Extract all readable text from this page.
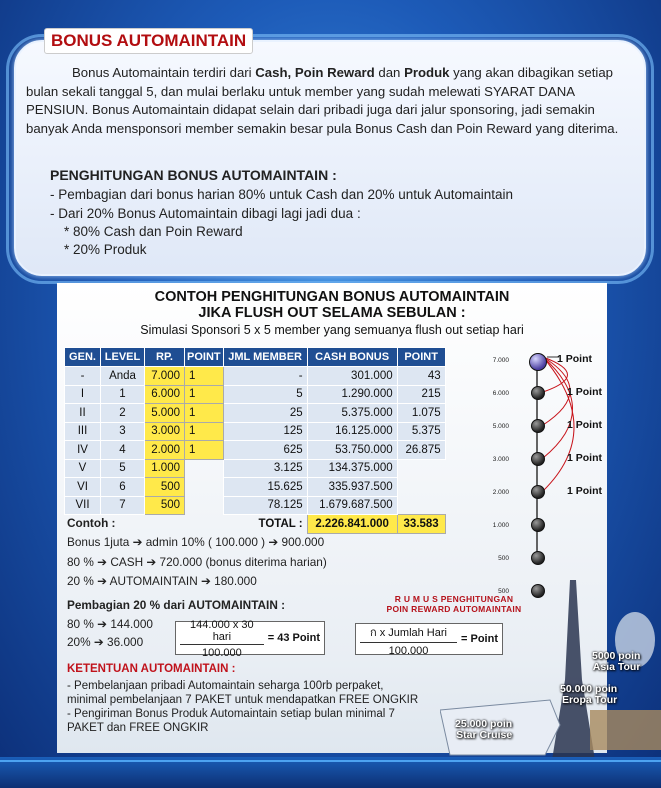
BONUS AUTOMAINTAIN
Bonus Automaintain terdiri dari Cash, Poin Reward dan Produk yang akan dibagikan setiap bulan sekali tanggal 5, dan mulai berlaku untuk member yang sudah melewati SYARAT DANA PENSIUN. Bonus Automaintain didapat selain dari pribadi juga dari jalur sponsoring, jadi semakin banyak Anda mensponsori member semakin besar pula Bonus Cash dan Poin Reward yang diterima.
PENGHITUNGAN BONUS AUTOMAINTAIN :
- Pembagian dari bonus harian 80% untuk Cash dan 20% untuk Automaintain
- Dari 20% Bonus Automaintain dibagi lagi jadi dua :
* 80% Cash dan Poin Reward
* 20% Produk
CONTOH PENGHITUNGAN BONUS AUTOMAINTAIN
JIKA FLUSH OUT SELAMA SEBULAN :
Simulasi Sponsori 5 x 5 member yang semuanya flush out setiap hari
GEN.	LEVEL	RP.	POINT	JML MEMBER	CASH BONUS	POINT
-	Anda	7.000	1	-	301.000	43
I	1	6.000	1	5	1.290.000	215
II	2	5.000	1	25	5.375.000	1.075
III	3	3.000	1	125	16.125.000	5.375
IV	4	2.000	1	625	53.750.000	26.875
V	5	1.000		3.125	134.375.000	
VI	6	500		15.625	335.937.500	
VII	7	500		78.125	1.679.687.500	
TOTAL :					2.226.841.000	33.583
Contoh :
Bonus 1juta ➔ admin 10% ( 100.000 ) ➔ 900.000
80 % ➔ CASH ➔ 720.000 (bonus diterima harian)
20 % ➔ AUTOMAINTAIN ➔ 180.000
Pembagian 20 % dari AUTOMAINTAIN :
80 % ➔ 144.000
20% ➔ 36.000
144.000 x 30 hari
100.000
= 43 Point
R U M U S PENGHITUNGAN
POIN REWARD AUTOMAINTAIN
ก x Jumlah Hari
100.000
= Point
KETENTUAN AUTOMAINTAIN :
- Pembelanjaan pribadi Automaintain seharga 100rb perpaket,
minimal pembelanjaan 7 PAKET untuk mendapatkan FREE ONGKIR
- Pengiriman Bonus Produk Automaintain setiap bulan minimal 7
PAKET dan FREE ONGKIR
7.000
6.000
5.000
3.000
2.000
1.000
500
500
1 Point
1 Point
1 Point
1 Point
1 Point
5000 poin
Asia Tour
50.000 poin
Eropa Tour
25.000 poin
Star Cruise
